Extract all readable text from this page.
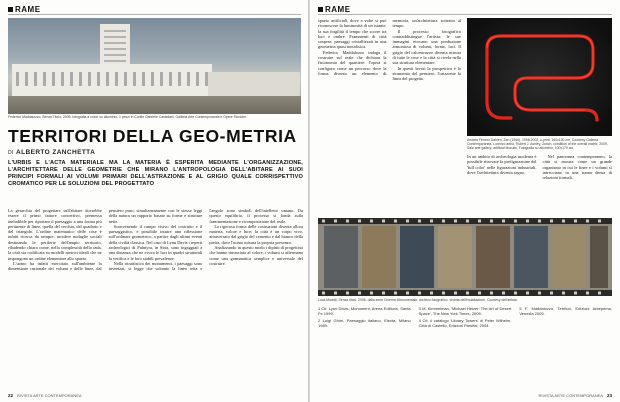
RAME
Federico Maddalozzo, Senza Titolo, 2009, fotografia a colori su alluminio, 1 pezzi in Cortile Gabriele Castellani, Galleria Arte Contemporanea e Opere Storiche.
TERRITORI DELLA GEO-METRIA
DI ALBERTO ZANCHETTA
L'URBIS E L'ACTA MATERIALE MA LA MATERIA È ESPERITA MEDIANTE L'ORGANIZZAZIONE, L'ARCHITETTARE DELLE GEOMETRIE CHE MIRANO L'ANTROPOLOGIA DELL'ABITARE AI SUOI PRINCIPI FORMALI AI VOLUMI PRIMARI DELL'ASTRAZIONE E AL GRIGIO QUALE CORRISPETTIVO CROMATICO PER LE SOLUZIONI DEL PROGETTATO

La gerarchia del progettare sull'abitare dovrebbe essere il primo fattore concertivo, premessa ineludibile per riportare il paesaggio a una forma più pertinente di linee, quella del cerchio, del quadrato e del triangolo. L'ordine matematico delle cose è infatti ricerca da sempre: incidere nodaglie sociali destinando le periferie dell'ampio territorio, ribadendo chiaro come, nella complessità della rada, la città sia codificata su modelli metrici ideali che ne impongono un ordine elementare allo spazio.

L'uomo ha infatti esercitato sull'ambiente la dimensione razionale dei volumi e delle linee, dal pensiero puro; simultaneamente con le stesse leggi della natura un rapporto basato su forme e strutture nette.

Sconvenendo il campo visivo del costruito e il paesaggistico, è possibile intuire una riflessione sull'ordinare geometrico, a partire dagli ultimi eventi della civiltà classica. Nel caso di Lynn Davis i reperti archeologici di Palmyra, in Siria, sono ingaggiati a una distanza che ne evoca le luci in quadri strutturali la verifica e le loro stabili prevalenze.

Nella ritrattistica dei monumenti, i paesaggi sono inventari, si legge che soltanto la linea retta e l'angolo sono simboli dell'intelletto umano. Da questo equilibrio, il processo si fonda sulla frammentazione e ricomposizione del reale.

La rigorosa forma delle costruzioni diventa allora materia, colore e luce; la città è un corpo vivo, attraversato dal grigio del cemento e dal bianco della pietra, dove l'uomo misura la propria presenza.

Analizzando in questo modo i dipinti di progettisti che hanno rinunciato al colore, i volumi si affermano come una grammatica semplice e universale del costruire.

22 RIVISTA ARTE CONTEMPORANEA
RAME

spazio artificiali, dove a volte si può riconoscere la luminosità di un istante, la sua fragilità il tempo che scorre tra luci e ombre. Frammenti di città sospese, paesaggi cristallizzati in una geometria quasi metafisica.

Federico Maddalozzo indaga il costruire sul reale che dichiara la fisionomia del quartiere: l'opera si configura come un percorso dove la forma diventa un elemento di memoria, un'architettura sottratta al tempo.

Il processo fotografico contraddistingue l'artista: le sue immagini evocano una produzione armoniosa di volumi, forme, luci. Il grigio del calcestruzzo diventa misura di tutte le cose e la città si rivela nella sua struttura elementare.

In questi lavori la prospettiva è lo strumento del pensiero, l'orizzonte la linea del progetto.

Andrea Ferrero Dahlen, Zen (1966), 1998-2002, c-print, 160x130 cm, Courtesy Galleria Contemporanea, Lorenzo artist, Robert J. Ashley, Zurich, condition of the overall matrix, 2009, Sala arte gallery, artificial biscuits, Fotografia su alluminio, 100x170 cm.

In un ambito di archeologia moderna è possibile ritrovare la prefigurazione del 'full color' nelle figurazioni industriali, dove l'architettura diventa segno.

Nel panorama contemporaneo, la città si mostra come un grande organismo in cui le linee e i volumi si intrecciano in una trama densa di relazioni formali.

Luca Moretti, Senza titolo, 2008, dalla serie Cinema Monumentale, archivio fotografico, veduta dell'installazione, Courtesy dell'artista.

1 Cfr. Lynn Davis, Monument, Arena Editions, Santa Fe 1999.

2 Luigi Ghirri, Paesaggio italiano, Electa, Milano 1989.

3 M. Kimmelman, 'Michael Heizer: The Art of Desert Space', The New York Times, 2005.

4 Cfr. il catalogo 'Library Towers' di Peter Wilhelm, Città di Castello, Edizioni Parsifal, 2004.

5 F. Maddalozzo, Territori, Edizioni Anteprima, Venezia 2009.

RIVISTA ARTE CONTEMPORANEA 23
